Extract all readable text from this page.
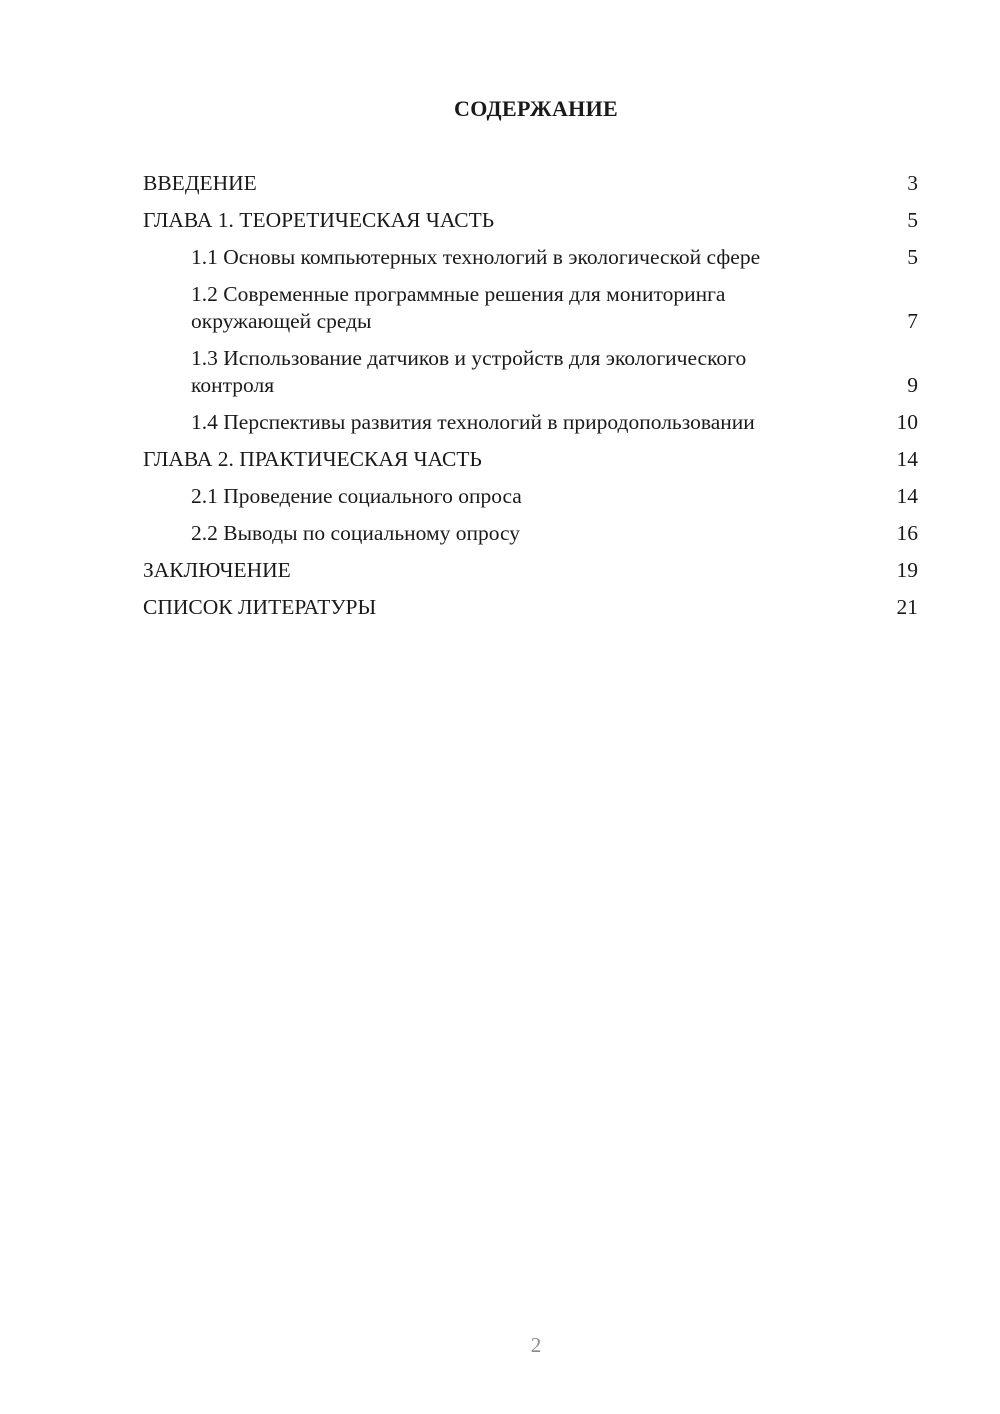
СОДЕРЖАНИЕ
ВВЕДЕНИЕ	3
ГЛАВА 1. ТЕОРЕТИЧЕСКАЯ ЧАСТЬ	5
1.1 Основы компьютерных технологий в экологической сфере	5
1.2 Современные программные решения для мониторинга окружающей среды	7
1.3 Использование датчиков и устройств для экологического контроля	9
1.4 Перспективы развития технологий в природопользовании	10
ГЛАВА 2. ПРАКТИЧЕСКАЯ ЧАСТЬ	14
2.1 Проведение социального опроса	14
2.2 Выводы по социальному опросу	16
ЗАКЛЮЧЕНИЕ	19
СПИСОК ЛИТЕРАТУРЫ	21
2
